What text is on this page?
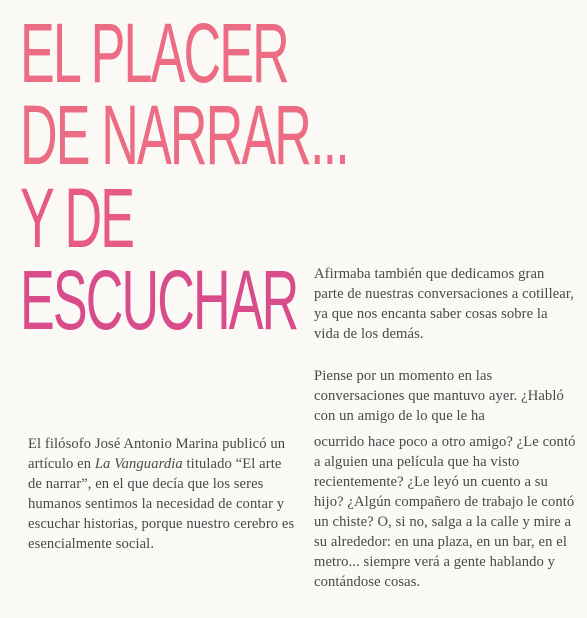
EL PLACER
DE NARRAR...
Y DE
ESCUCHAR

El filósofo José Antonio Marina publicó un artículo en La Vanguardia titulado “El arte de narrar”, en el que decía que los seres humanos sentimos la necesidad de contar y escuchar historias, porque nuestro cerebro es esencialmente social.

Afirmaba también que dedicamos gran parte de nuestras conversaciones a cotillear, ya que nos encanta saber cosas sobre la vida de los demás.

Piense por un momento en las conversaciones que mantuvo ayer. ¿Habló con un amigo de lo que le ha

ocurrido hace poco a otro amigo? ¿Le contó a alguien una película que ha visto recientemente? ¿Le leyó un cuento a su hijo? ¿Algún compañero de trabajo le contó un chiste? O, si no, salga a la calle y mire a su alrededor: en una plaza, en un bar, en el metro... siempre verá a gente hablando y contándose cosas.
